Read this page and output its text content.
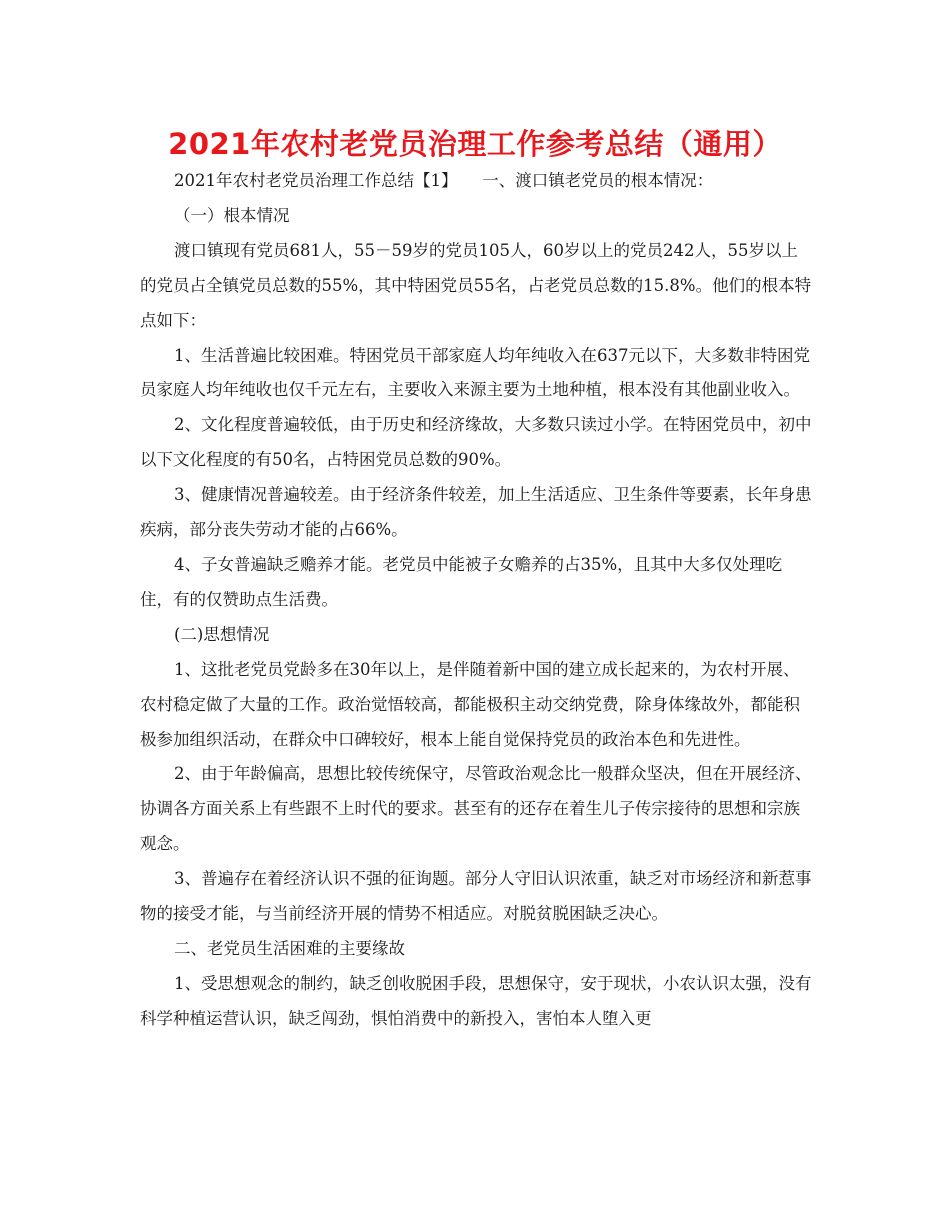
2021年农村老党员治理工作参考总结（通用）

2021年农村老党员治理工作总结【1】　　一、渡口镇老党员的根本情况：

（一）根本情况

渡口镇现有党员681人，55－59岁的党员105人，60岁以上的党员242人，55岁以上的党员占全镇党员总数的55%，其中特困党员55名，占老党员总数的15.8%。他们的根本特点如下：

1、生活普遍比较困难。特困党员干部家庭人均年纯收入在637元以下，大多数非特困党员家庭人均年纯收也仅千元左右，主要收入来源主要为土地种植，根本没有其他副业收入。

2、文化程度普遍较低，由于历史和经济缘故，大多数只读过小学。在特困党员中，初中以下文化程度的有50名，占特困党员总数的90%。

3、健康情况普遍较差。由于经济条件较差，加上生活适应、卫生条件等要素，长年身患疾病，部分丧失劳动才能的占66%。

4、子女普遍缺乏赡养才能。老党员中能被子女赡养的占35%，且其中大多仅处理吃住，有的仅赞助点生活费。

(二)思想情况

1、这批老党员党龄多在30年以上，是伴随着新中国的建立成长起来的，为农村开展、农村稳定做了大量的工作。政治觉悟较高，都能极积主动交纳党费，除身体缘故外，都能积极参加组织活动，在群众中口碑较好，根本上能自觉保持党员的政治本色和先进性。

2、由于年龄偏高，思想比较传统保守，尽管政治观念比一般群众坚决，但在开展经济、协调各方面关系上有些跟不上时代的要求。甚至有的还存在着生儿子传宗接待的思想和宗族观念。

3、普遍存在着经济认识不强的征询题。部分人守旧认识浓重，缺乏对市场经济和新惹事物的接受才能，与当前经济开展的情势不相适应。对脱贫脱困缺乏决心。

二、老党员生活困难的主要缘故

1、受思想观念的制约，缺乏创收脱困手段，思想保守，安于现状，小农认识太强，没有科学种植运营认识，缺乏闯劲，惧怕消费中的新投入，害怕本人堕入更
